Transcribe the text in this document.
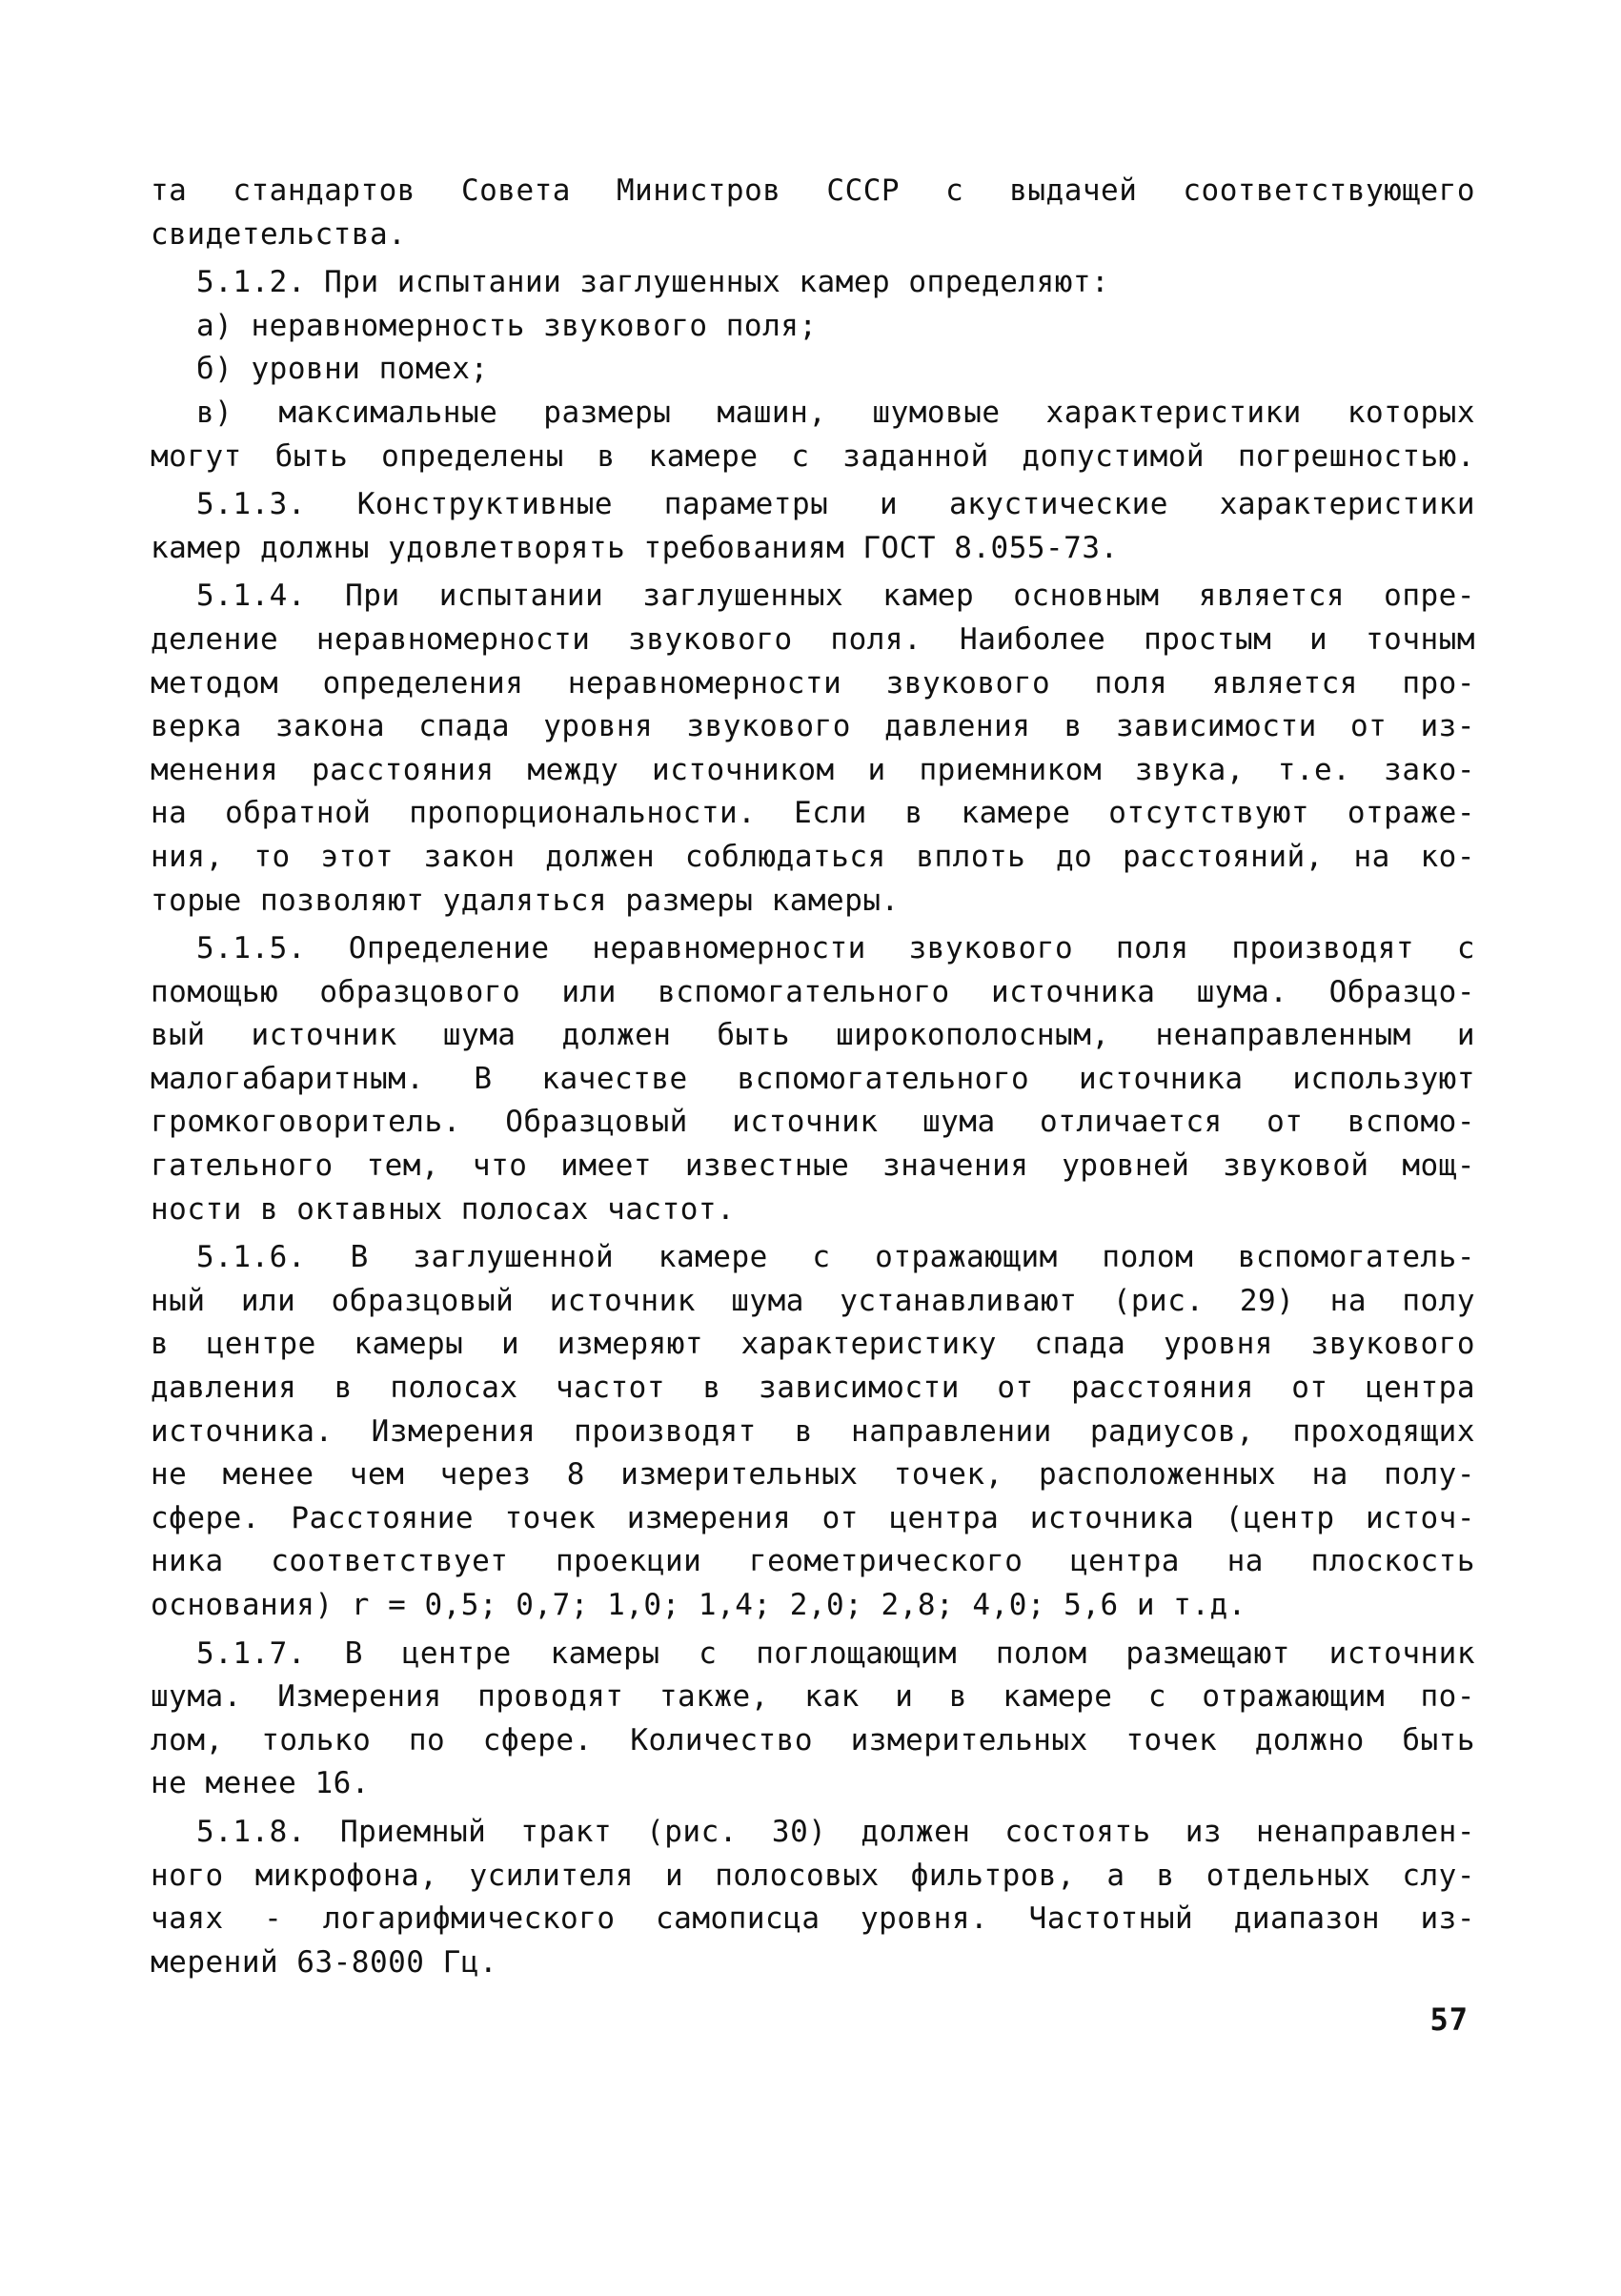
та стандартов Совета Министров СССР с выдачей соответствующего
свидетельства.
5.1.2. При испытании заглушенных камер определяют:
а) неравномерность звукового поля;
б) уровни помех;
в) максимальные размеры машин, шумовые характеристики которых
могут быть определены в камере с заданной допустимой погрешностью.
5.1.3. Конструктивные параметры и акустические характеристики
камер должны удовлетворять требованиям ГОСТ 8.055-73.
5.1.4. При испытании заглушенных камер основным является опре-
деление неравномерности звукового поля. Наиболее простым и точным
методом определения неравномерности звукового поля является про-
верка закона спада уровня звукового давления в зависимости от из-
менения расстояния между источником и приемником звука, т.е. зако-
на обратной пропорциональности. Если в камере отсутствуют отраже-
ния, то этот закон должен соблюдаться вплоть до расстояний, на ко-
торые позволяют удаляться размеры камеры.
5.1.5. Определение неравномерности звукового поля производят с
помощью образцового или вспомогательного источника шума. Образцо-
вый источник шума должен быть широкополосным, ненаправленным и
малогабаритным. В качестве вспомогательного источника используют
громкоговоритель. Образцовый источник шума отличается от вспомо-
гательного тем, что имеет известные значения уровней звуковой мощ-
ности в октавных полосах частот.
5.1.6. В заглушенной камере с отражающим полом вспомогатель-
ный или образцовый источник шума устанавливают (рис. 29) на полу
в центре камеры и измеряют характеристику спада уровня звукового
давления в полосах частот в зависимости от расстояния от центра
источника. Измерения производят в направлении радиусов, проходящих
не менее чем через 8 измерительных точек, расположенных на полу-
сфере. Расстояние точек измерения от центра источника (центр источ-
ника соответствует проекции геометрического центра на плоскость
основания) r = 0,5; 0,7; 1,0; 1,4; 2,0; 2,8; 4,0; 5,6 и т.д.
5.1.7. В центре камеры с поглощающим полом размещают источник
шума. Измерения проводят также, как и в камере с отражающим по-
лом, только по сфере. Количество измерительных точек должно быть
не менее 16.
5.1.8. Приемный тракт (рис. 30) должен состоять из ненаправлен-
ного микрофона, усилителя и полосовых фильтров, а в отдельных слу-
чаях - логарифмического самописца уровня. Частотный диапазон из-
мерений 63-8000 Гц.
57
